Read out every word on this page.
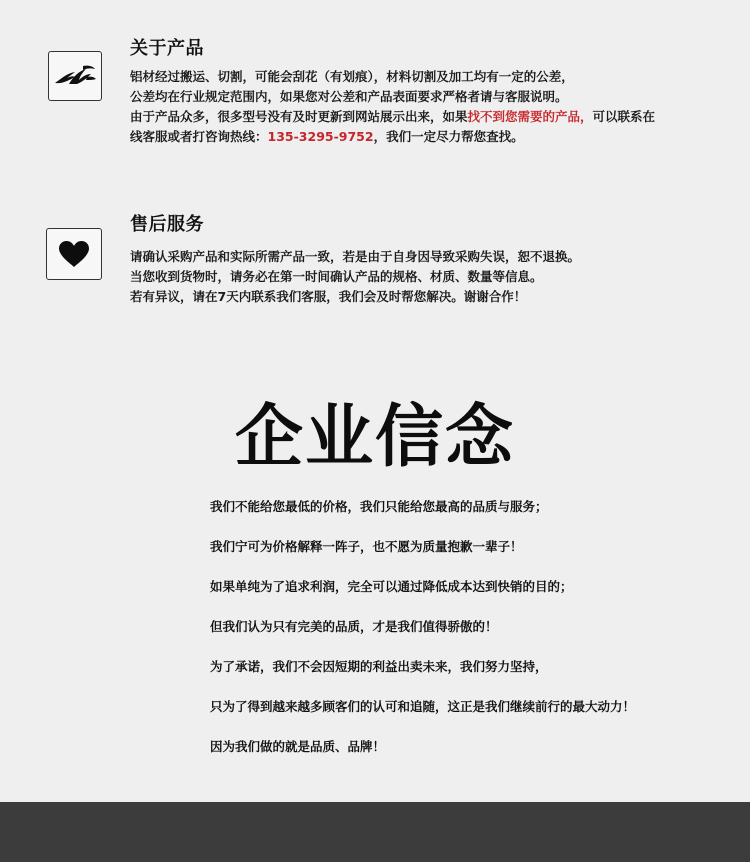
关于产品
铝材经过搬运、切割，可能会刮花（有划痕），材料切割及加工均有一定的公差，
公差均在行业规定范围内，如果您对公差和产品表面要求严格者请与客服说明。
由于产品众多，很多型号没有及时更新到网站展示出来，如果找不到您需要的产品，可以联系在
线客服或者打咨询热线：135-3295-9752，我们一定尽力帮您查找。
售后服务
请确认采购产品和实际所需产品一致，若是由于自身因导致采购失误，恕不退换。
当您收到货物时，请务必在第一时间确认产品的规格、材质、数量等信息。
若有异议，请在7天内联系我们客服，我们会及时帮您解决。谢谢合作！
企业信念
我们不能给您最低的价格，我们只能给您最高的品质与服务；
我们宁可为价格解释一阵子，也不愿为质量抱歉一辈子！
如果单纯为了追求利润，完全可以通过降低成本达到快销的目的；
但我们认为只有完美的品质，才是我们值得骄傲的！
为了承诺，我们不会因短期的利益出卖未来，我们努力坚持，
只为了得到越来越多顾客们的认可和追随，这正是我们继续前行的最大动力！
因为我们做的就是品质、品牌！
